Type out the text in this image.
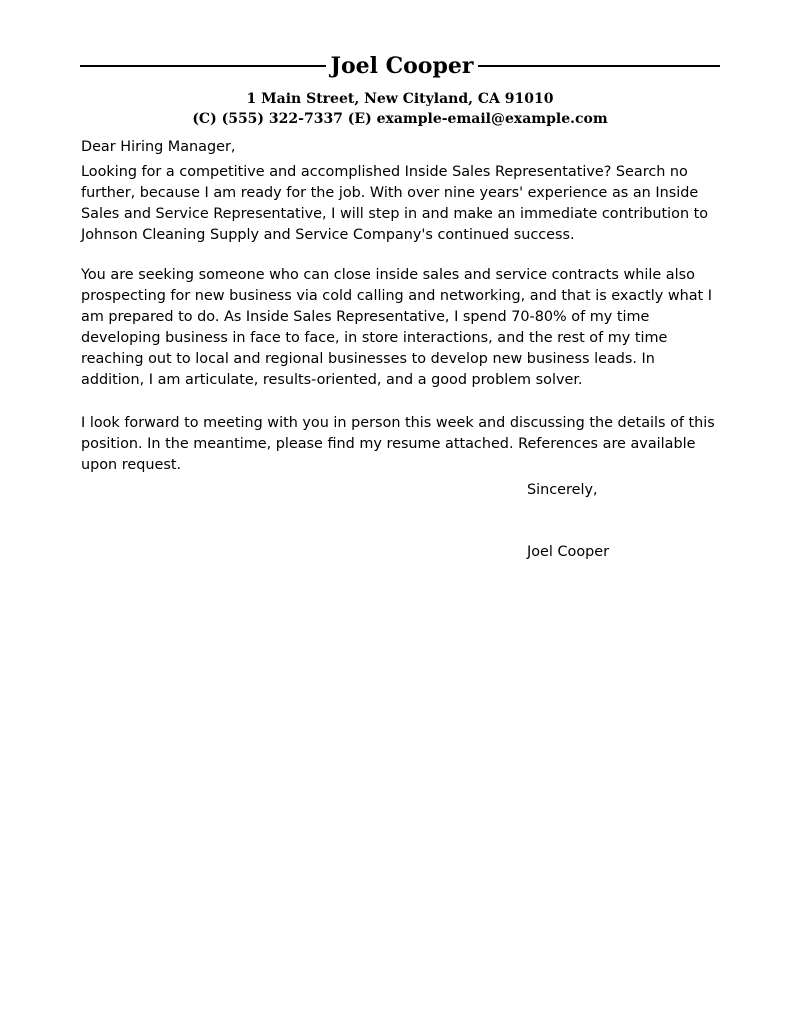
Joel Cooper
1 Main Street, New Cityland, CA 91010
(C) (555) 322-7337 (E) example-email@example.com
Dear Hiring Manager,
Looking for a competitive and accomplished Inside Sales Representative? Search no
further, because I am ready for the job. With over nine years' experience as an Inside
Sales and Service Representative, I will step in and make an immediate contribution to
Johnson Cleaning Supply and Service Company's continued success.
You are seeking someone who can close inside sales and service contracts while also
prospecting for new business via cold calling and networking, and that is exactly what I
am prepared to do. As Inside Sales Representative, I spend 70-80% of my time
developing business in face to face, in store interactions, and the rest of my time
reaching out to local and regional businesses to develop new business leads. In
addition, I am articulate, results-oriented, and a good problem solver.
I look forward to meeting with you in person this week and discussing the details of this
position. In the meantime, please find my resume attached. References are available
upon request.
Sincerely,
Joel Cooper
